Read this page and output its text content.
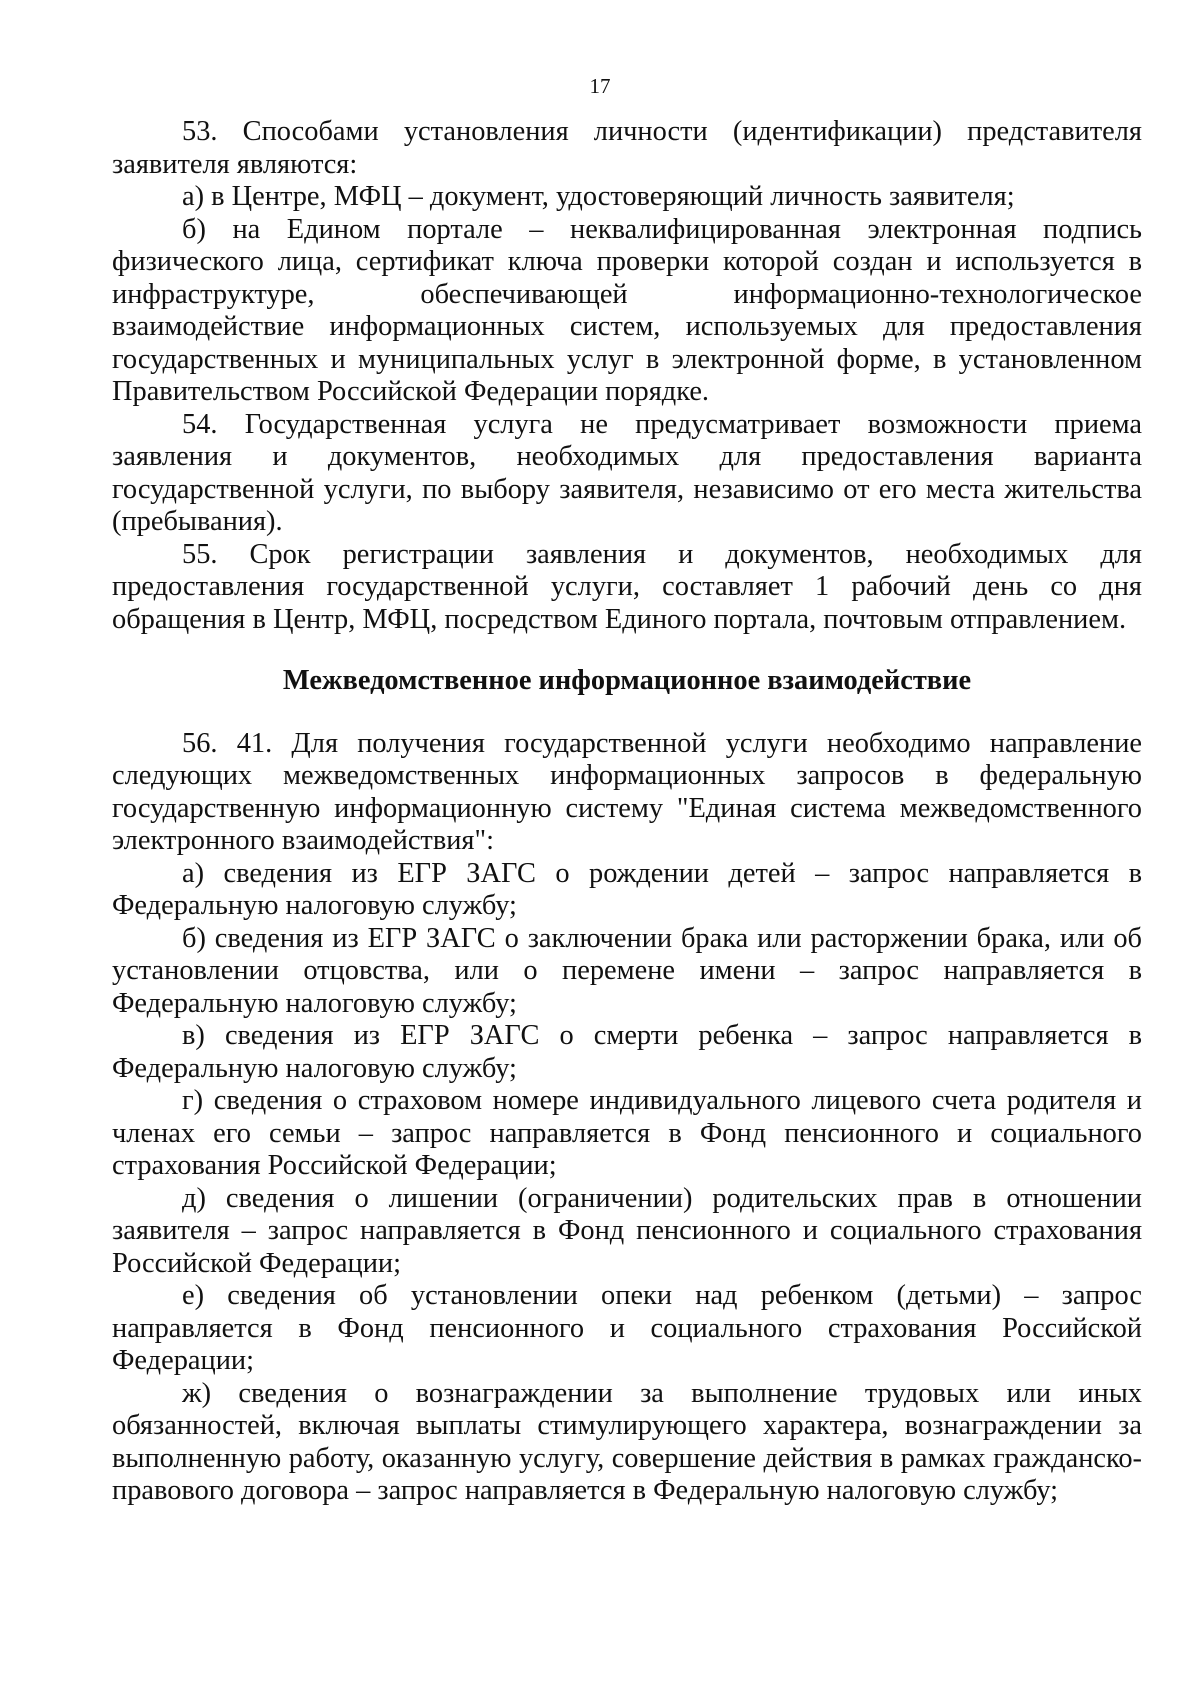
17

53. Способами установления личности (идентификации) представителя заявителя являются:

а) в Центре, МФЦ – документ, удостоверяющий личность заявителя;

б) на Едином портале – неквалифицированная электронная подпись физического лица, сертификат ключа проверки которой создан и используется в инфраструктуре, обеспечивающей информационно-технологическое взаимодействие информационных систем, используемых для предоставления государственных и муниципальных услуг в электронной форме, в установленном Правительством Российской Федерации порядке.

54. Государственная услуга не предусматривает возможности приема заявления и документов, необходимых для предоставления варианта государственной услуги, по выбору заявителя, независимо от его места жительства (пребывания).

55. Срок регистрации заявления и документов, необходимых для предоставления государственной услуги, составляет 1 рабочий день со дня обращения в Центр, МФЦ, посредством Единого портала, почтовым отправлением.

Межведомственное информационное взаимодействие

56. 41. Для получения государственной услуги необходимо направление следующих межведомственных информационных запросов в федеральную государственную информационную систему "Единая система межведомственного электронного взаимодействия":

а) сведения из ЕГР ЗАГС о рождении детей – запрос направляется в Федеральную налоговую службу;

б) сведения из ЕГР ЗАГС о заключении брака или расторжении брака, или об установлении отцовства, или о перемене имени – запрос направляется в Федеральную налоговую службу;

в) сведения из ЕГР ЗАГС о смерти ребенка – запрос направляется в Федеральную налоговую службу;

г) сведения о страховом номере индивидуального лицевого счета родителя и членах его семьи – запрос направляется в Фонд пенсионного и социального страхования Российской Федерации;

д) сведения о лишении (ограничении) родительских прав в отношении заявителя – запрос направляется в Фонд пенсионного и социального страхования Российской Федерации;

е) сведения об установлении опеки над ребенком (детьми) – запрос направляется в Фонд пенсионного и социального страхования Российской Федерации;

ж) сведения о вознаграждении за выполнение трудовых или иных обязанностей, включая выплаты стимулирующего характера, вознаграждении за выполненную работу, оказанную услугу, совершение действия в рамках гражданско-правового договора – запрос направляется в Федеральную налоговую службу;
